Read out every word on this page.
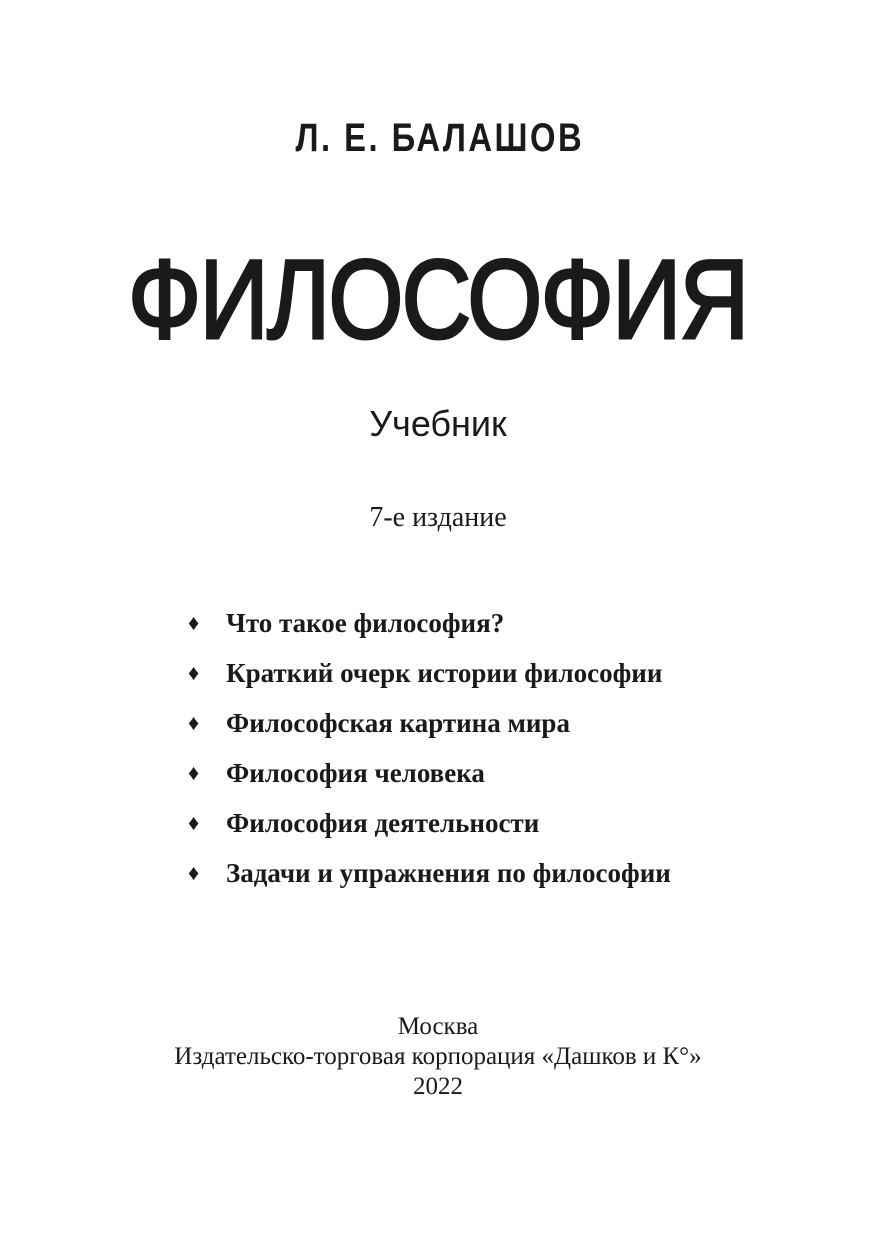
Л. Е. БАЛАШОВ
ФИЛОСОФИЯ
Учебник
7-е издание
♦ Что такое философия?
♦ Краткий очерк истории философии
♦ Философская картина мира
♦ Философия человека
♦ Философия деятельности
♦ Задачи и упражнения по философии
Москва
Издательско-торговая корпорация «Дашков и К°»
2022
